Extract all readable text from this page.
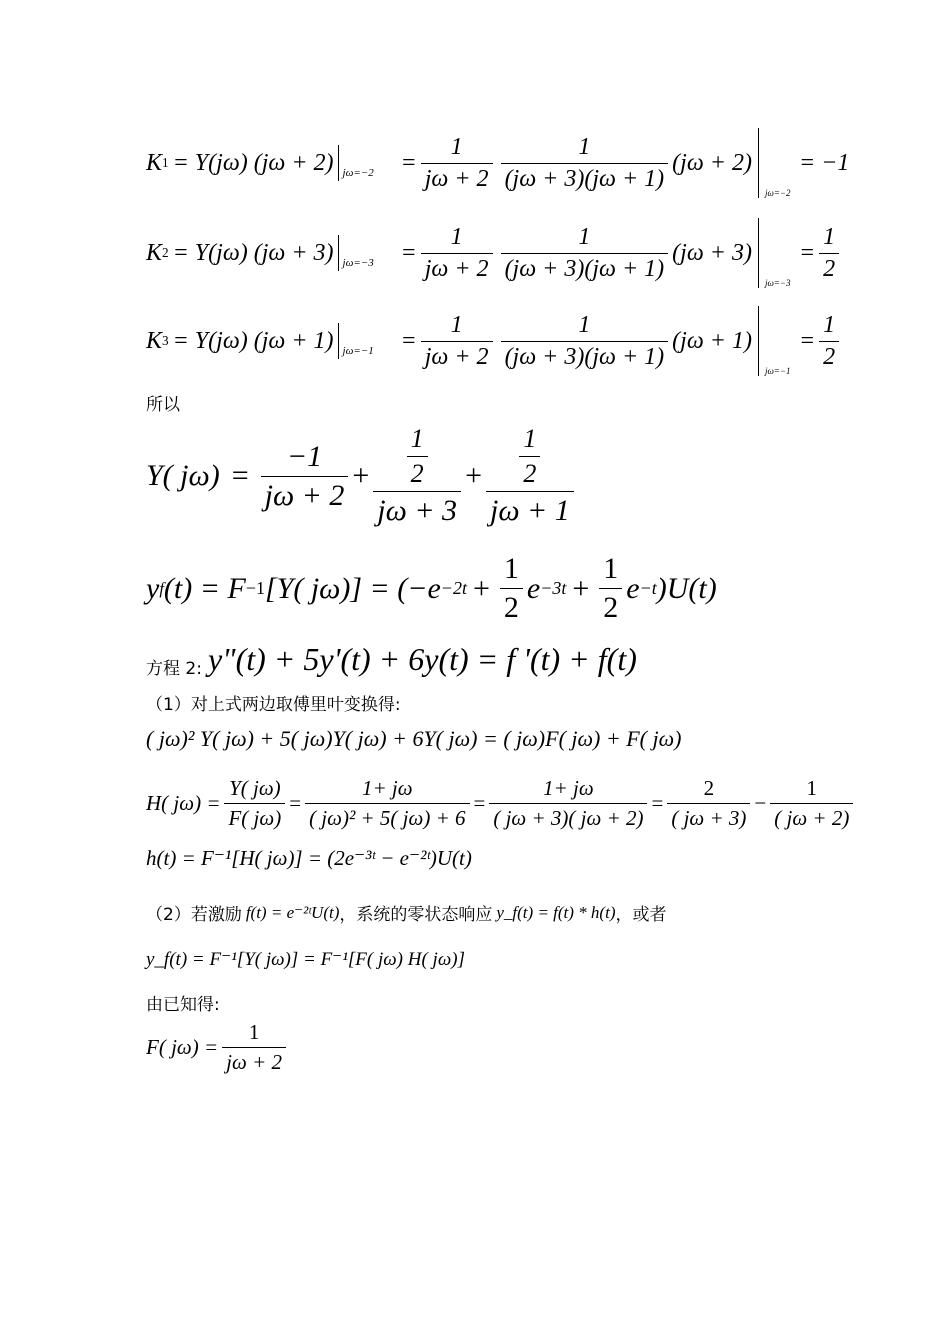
K 1 = Y(jω) (jω + 2) $j\omega=-2 = \frac{1}{j\omega + 2} \frac{1}{(j\omega + 3)(j\omega + 1)} (j\omega + 2)$
jω=−2
= −1
K 2 = Y(jω) (jω + 3) $j\omega=-3 = \frac{1}{j\omega + 2} \frac{1}{(j\omega + 3)(j\omega + 1)} (j\omega + 3)$
jω=−3
= $\frac{1}{2}$
K 3 = Y(jω) (jω + 1) $j\omega=-1 = \frac{1}{j\omega + 2} \frac{1}{(j\omega + 3)(j\omega + 1)} (j\omega + 1)$
jω=−1
= $\frac{1}{2}$
所以
Y( $j\omega) = \frac{-1}{j\omega + 2} + \frac{\frac{1}{2}}{j\omega + 3} + \frac{\frac{1}{2}}{j\omega + 1}$
y f (t) = F −1 [Y( $j\omega)] = (-e -2t + \frac{1}{2}$ $e -3t + \frac{1}{2}$ e −t )U(t)
方程 2: y"(t) + 5y'(t) + 6y(t) = f '(t) + f(t)
（1）对上式两边取傅里叶变换得:
( jω)² Y( jω) + 5( jω)Y( jω) + 6Y( jω) = ( jω)F( jω) + F( jω)
H( $j\omega) = \frac{Y( j\omega)}{F( j\omega)} = \frac{1+ j\omega}{\text{( jω)² + 5( jω) + 6}} = \frac{1+ j\omega}{( j\omega + 3)( j\omega + 2)} = \frac{2}{( j\omega + 3)} - \frac{1}{( j\omega + 2)}$
h(t) = F⁻¹[H( jω)] = (2e⁻³ᵗ − e⁻²ᵗ)U(t)
（2）若激励 f(t) = e⁻²ᵗU(t) ，系统的零状态响应 y_f(t) = f(t) * h(t) ，或者
y_f(t) = F⁻¹[Y( jω)] = F⁻¹[F( jω) H( jω)]
由已知得:
F( $j\omega) = \frac{1}{j\omega + 2}$
